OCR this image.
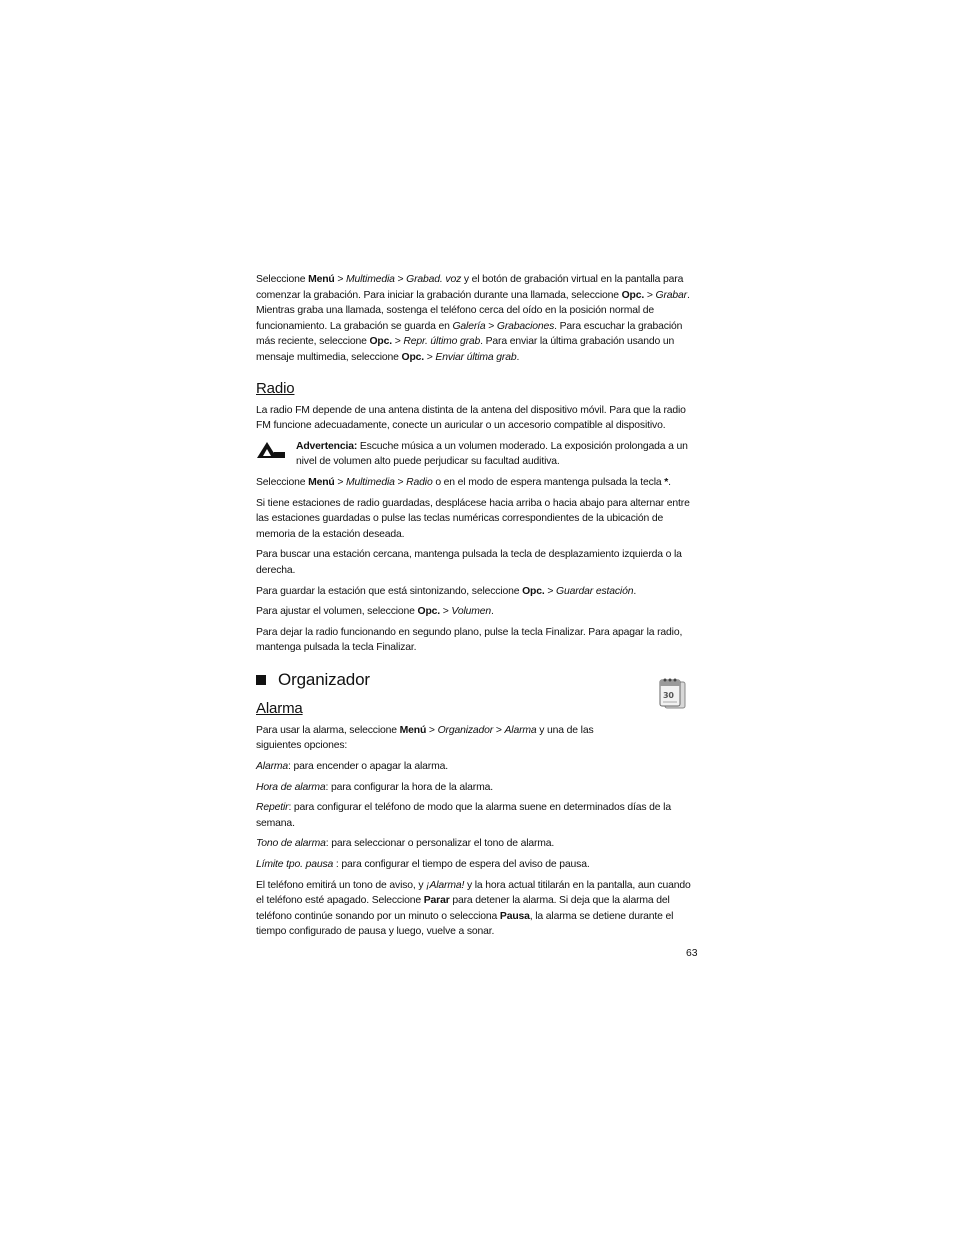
Seleccione Menú > Multimedia > Grabad. voz y el botón de grabación virtual en la pantalla para comenzar la grabación. Para iniciar la grabación durante una llamada, seleccione Opc. > Grabar. Mientras graba una llamada, sostenga el teléfono cerca del oído en la posición normal de funcionamiento. La grabación se guarda en Galería > Grabaciones. Para escuchar la grabación más reciente, seleccione Opc. > Repr. último grab. Para enviar la última grabación usando un mensaje multimedia, seleccione Opc. > Enviar última grab.

Radio

La radio FM depende de una antena distinta de la antena del dispositivo móvil. Para que la radio FM funcione adecuadamente, conecte un auricular o un accesorio compatible al dispositivo.

Advertencia: Escuche música a un volumen moderado. La exposición prolongada a un nivel de volumen alto puede perjudicar su facultad auditiva.

Seleccione Menú > Multimedia > Radio o en el modo de espera mantenga pulsada la tecla *.

Si tiene estaciones de radio guardadas, desplácese hacia arriba o hacia abajo para alternar entre las estaciones guardadas o pulse las teclas numéricas correspondientes de la ubicación de memoria de la estación deseada.

Para buscar una estación cercana, mantenga pulsada la tecla de desplazamiento izquierda o la derecha.

Para guardar la estación que está sintonizando, seleccione Opc. > Guardar estación.

Para ajustar el volumen, seleccione Opc. > Volumen.

Para dejar la radio funcionando en segundo plano, pulse la tecla Finalizar. Para apagar la radio, mantenga pulsada la tecla Finalizar.

Organizador
30
Alarma

Para usar la alarma, seleccione Menú > Organizador > Alarma y una de las siguientes opciones:

Alarma: para encender o apagar la alarma.

Hora de alarma: para configurar la hora de la alarma.

Repetir: para configurar el teléfono de modo que la alarma suene en determinados días de la semana.

Tono de alarma: para seleccionar o personalizar el tono de alarma.

Límite tpo. pausa : para configurar el tiempo de espera del aviso de pausa.

El teléfono emitirá un tono de aviso, y ¡Alarma! y la hora actual titilarán en la pantalla, aun cuando el teléfono esté apagado. Seleccione Parar para detener la alarma. Si deja que la alarma del teléfono continúe sonando por un minuto o selecciona Pausa, la alarma se detiene durante el tiempo configurado de pausa y luego, vuelve a sonar.

63
